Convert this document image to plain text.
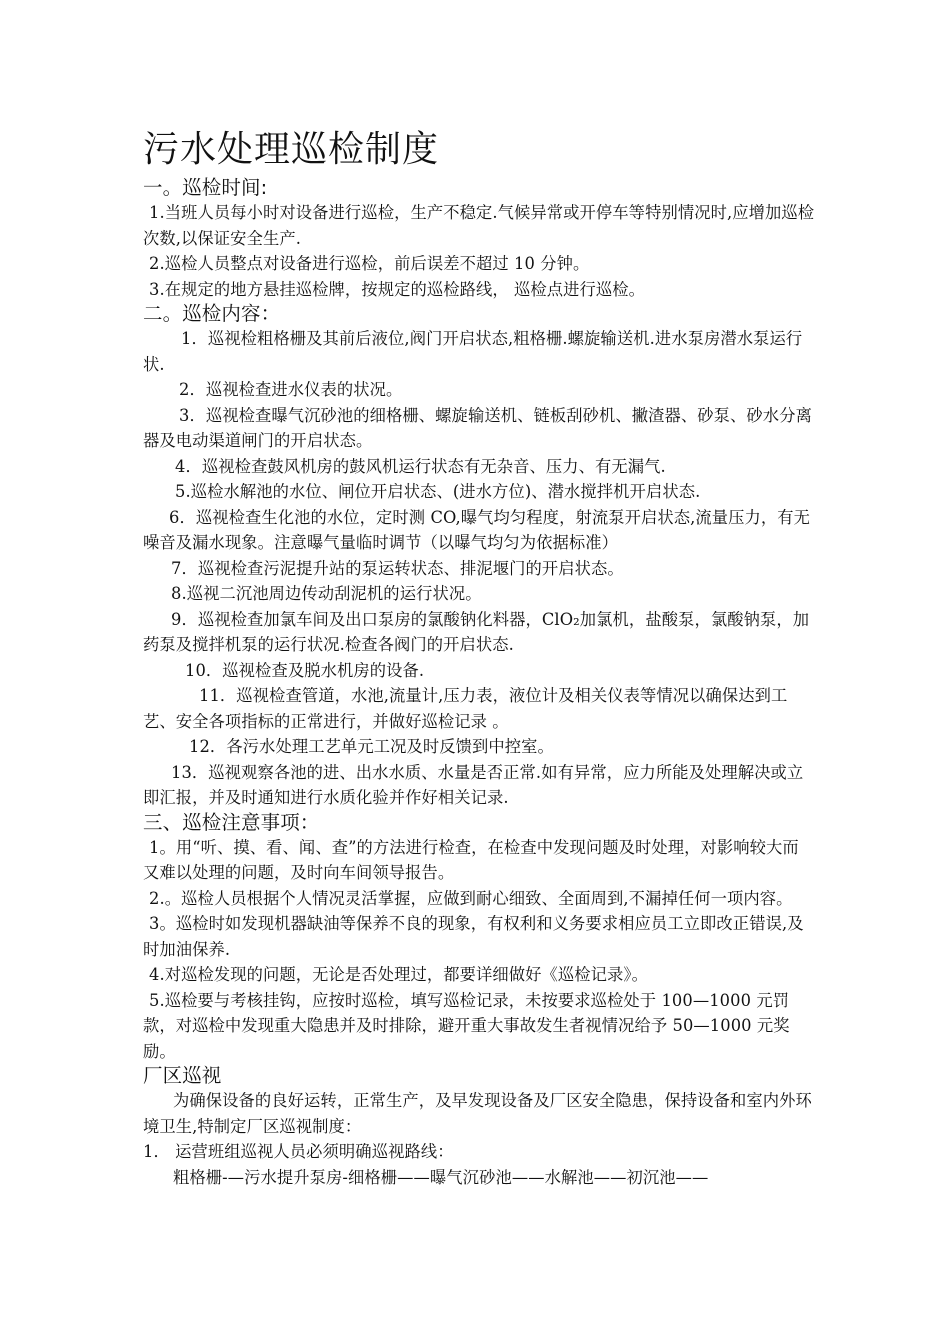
污水处理巡检制度
一。巡检时间:

1.当班人员每小时对设备进行巡检，生产不稳定.气候异常或开停车等特别情况时,应增加巡检次数,以保证安全生产.

2.巡检人员整点对设备进行巡检，前后误差不超过 10 分钟。

3.在规定的地方悬挂巡检牌，按规定的巡检路线， 巡检点进行巡检。

二。巡检内容：

1．巡视检粗格栅及其前后液位,阀门开启状态,粗格栅.螺旋输送机.进水泵房潜水泵运行状.

2．巡视检查进水仪表的状况。

3．巡视检查曝气沉砂池的细格栅、螺旋输送机、链板刮砂机、撇渣器、砂泵、砂水分离器及电动渠道闸门的开启状态。

4．巡视检查鼓风机房的鼓风机运行状态有无杂音、压力、有无漏气.

5.巡检水解池的水位、闸位开启状态、(进水方位)、潜水搅拌机开启状态.

6．巡视检查生化池的水位，定时测 CO,曝气均匀程度，射流泵开启状态,流量压力，有无噪音及漏水现象。注意曝气量临时调节（以曝气均匀为依据标准）

7．巡视检查污泥提升站的泵运转状态、排泥堰门的开启状态。

8.巡视二沉池周边传动刮泥机的运行状况。

9．巡视检查加氯车间及出口泵房的氯酸钠化料器，ClO₂加氯机，盐酸泵，氯酸钠泵，加药泵及搅拌机泵的运行状况.检查各阀门的开启状态.

10．巡视检查及脱水机房的设备.

11．巡视检查管道，水池,流量计,压力表，液位计及相关仪表等情况以确保达到工艺、安全各项指标的正常进行，并做好巡检记录 。

12．各污水处理工艺单元工况及时反馈到中控室。

13．巡视观察各池的进、出水水质、水量是否正常.如有异常，应力所能及处理解决或立即汇报，并及时通知进行水质化验并作好相关记录.

三、巡检注意事项：

1。用“听、摸、看、闻、查”的方法进行检查，在检查中发现问题及时处理，对影响较大而又难以处理的问题，及时向车间领导报告。

2.。巡检人员根据个人情况灵活掌握，应做到耐心细致、全面周到,不漏掉任何一项内容。

3。巡检时如发现机器缺油等保养不良的现象，有权利和义务要求相应员工立即改正错误,及时加油保养.

4.对巡检发现的问题，无论是否处理过，都要详细做好《巡检记录》。

5.巡检要与考核挂钩，应按时巡检，填写巡检记录，未按要求巡检处于 100—1000 元罚款，对巡检中发现重大隐患并及时排除，避开重大事故发生者视情况给予 50—1000 元奖励。

厂区巡视

为确保设备的良好运转，正常生产，及早发现设备及厂区安全隐患，保持设备和室内外环境卫生,特制定厂区巡视制度：

1． 运营班组巡视人员必须明确巡视路线：

粗格栅-—污水提升泵房-细格栅——曝气沉砂池——水解池——初沉池——
